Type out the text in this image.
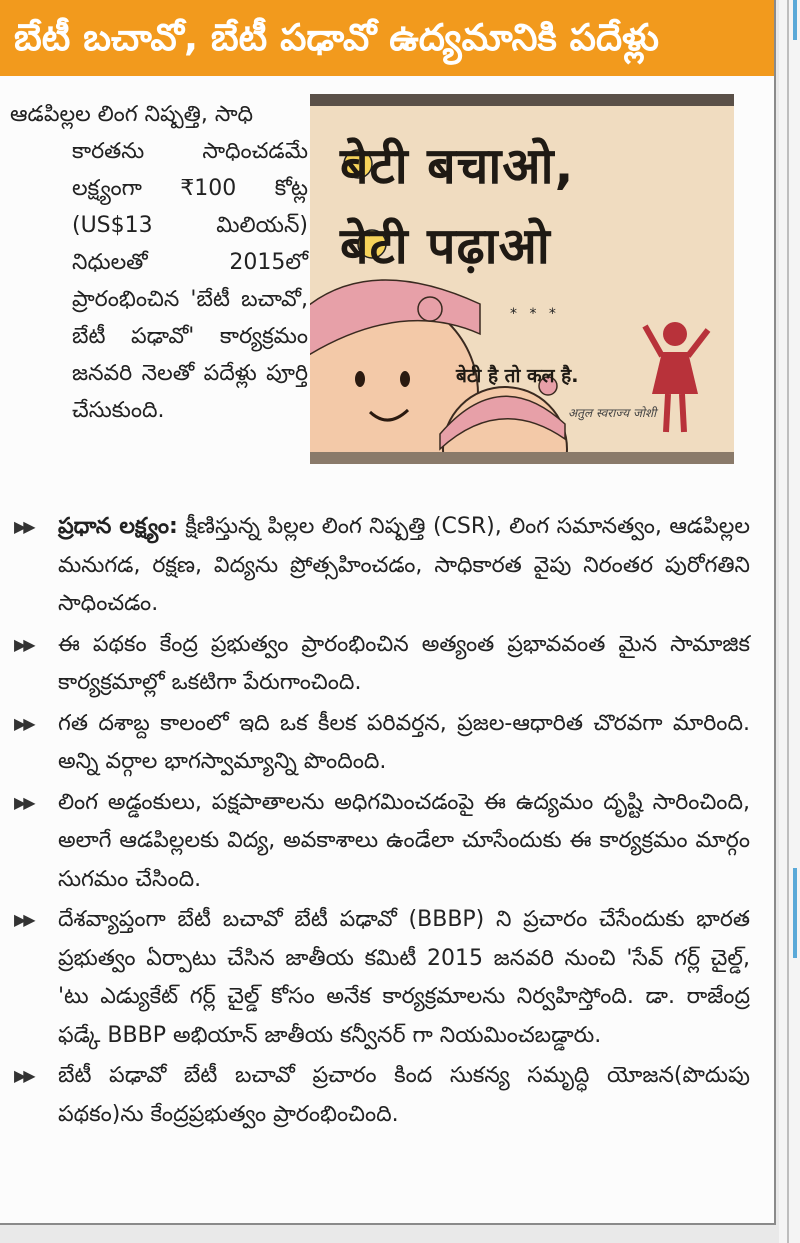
బేటీ బచావో, బేటీ పఢావో ఉద్యమానికి పదేళ్లు
ఆడపిల్లల లింగ నిష్పత్తి, సాధి
కారతను సాధించడమే లక్ష్యంగా ₹100 కోట్ల (US$13 మిలియన్) నిధులతో 2015లో ప్రారంభించిన 'బేటీ బచావో, బేటీ పఢావో' కార్యక్రమం జనవరి నెలతో పదేళ్లు పూర్తి చేసుకుంది.
बेटी बचाओ,
बेटी पढ़ाओ
* * *
बेटी है तो कल है.
अतुल स्वराज्य जोशी
▶▶ ప్రధాన లక్ష్యం: క్షీణిస్తున్న పిల్లల లింగ నిష్పత్తి (CSR), లింగ సమానత్వం, ఆడపిల్లల మనుగడ, రక్షణ, విద్యను ప్రోత్సహించడం, సాధికారత వైపు నిరంతర పురోగతిని సాధించడం.
▶▶ ఈ పథకం కేంద్ర ప్రభుత్వం ప్రారంభించిన అత్యంత ప్రభావవంత మైన సామాజిక కార్యక్రమాల్లో ఒకటిగా పేరుగాంచింది.
▶▶ గత దశాబ్ద కాలంలో ఇది ఒక కీలక పరివర్తన, ప్రజల-ఆధారిత చొరవగా మారింది. అన్ని వర్గాల భాగస్వామ్యాన్ని పొందింది.
▶▶ లింగ అడ్డంకులు, పక్షపాతాలను అధిగమించడంపై ఈ ఉద్యమం దృష్టి సారించింది, అలాగే ఆడపిల్లలకు విద్య, అవకాశాలు ఉండేలా చూసేందుకు ఈ కార్యక్రమం మార్గం సుగమం చేసింది.
▶▶ దేశవ్యాప్తంగా బేటీ బచావో బేటీ పఢావో (BBBP) ని ప్రచారం చేసేందుకు భారత ప్రభుత్వం ఏర్పాటు చేసిన జాతీయ కమిటీ 2015 జనవరి నుంచి 'సేవ్ గర్ల్ చైల్డ్, 'టు ఎడ్యుకేట్ గర్ల్ చైల్డ్ కోసం అనేక కార్యక్రమాలను నిర్వహిస్తోంది. డా. రాజేంద్ర ఫడ్కే BBBP అభియాన్ జాతీయ కన్వీనర్ గా నియమించబడ్డారు.
▶▶ బేటీ పఢావో బేటీ బచావో ప్రచారం కింద సుకన్య సమృద్ధి యోజన(పొదుపు పథకం)ను కేంద్రప్రభుత్వం ప్రారంభించింది.
